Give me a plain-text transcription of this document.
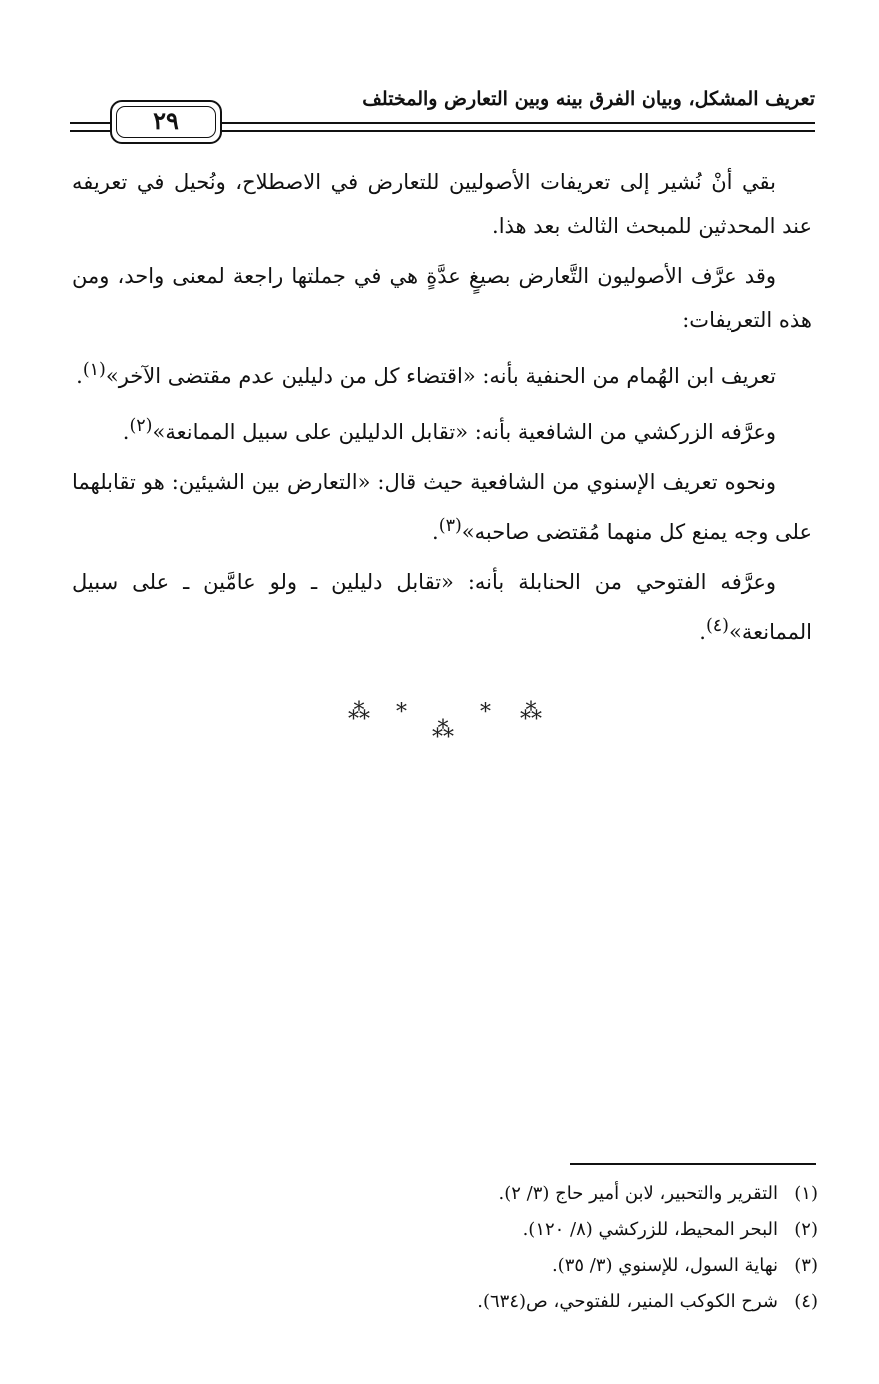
تعريف المشكل، وبيان الفرق بينه وبين التعارض والمختلف
٢٩

بقي أنْ نُشير إلى تعريفات الأصوليين للتعارض في الاصطلاح، ونُحيل في تعريفه عند المحدثين للمبحث الثالث بعد هذا.

وقد عرَّف الأصوليون التَّعارض بصيغٍ عدَّةٍ هي في جملتها راجعة لمعنى واحد، ومن هذه التعريفات:

تعريف ابن الهُمام من الحنفية بأنه: «اقتضاء كل من دليلين عدم مقتضى الآخر»$^{(١)}$.

وعرَّفه الزركشي من الشافعية بأنه: «تقابل الدليلين على سبيل الممانعة»$^{(٢)}$.

ونحوه تعريف الإسنوي من الشافعية حيث قال: «التعارض بين الشيئين: هو تقابلهما على وجه يمنع كل منهما مُقتضى صاحبه»$^{(٣)}$.

وعرَّفه الفتوحي من الحنابلة بأنه: «تقابل دليلين ـ ولو عامَّين ـ على سبيل الممانعة»$^{(٤)}$.

⁂ *
⁂
* ⁂
(١)التقرير والتحبير، لابن أمير حاج (٣/ ٢).
(٢)البحر المحيط، للزركشي (٨/ ١٢٠).
(٣)نهاية السول، للإسنوي (٣/ ٣٥).
(٤)شرح الكوكب المنير، للفتوحي، ص(٦٣٤).
